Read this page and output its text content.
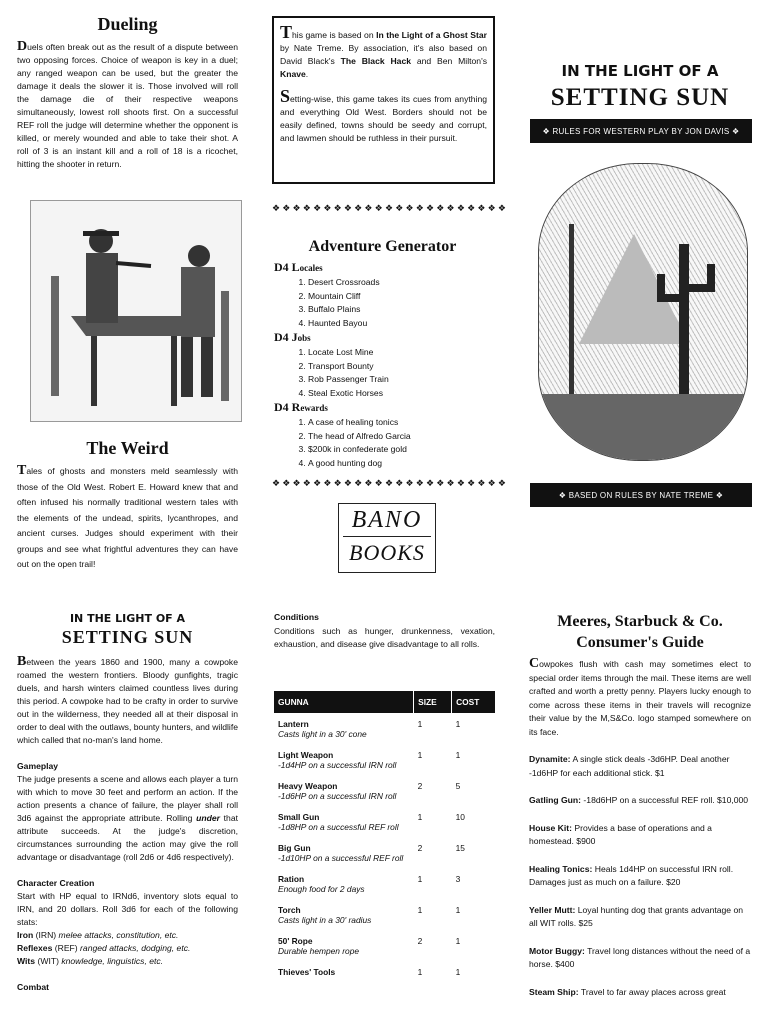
Dueling
Duels often break out as the result of a dispute between two opposing forces. Choice of weapon is key in a duel; any ranged weapon can be used, but the greater the damage it deals the slower it is. Those involved will roll the damage die of their respective weapons simultaneously, lowest roll shoots first. On a successful REF roll the judge will determine whether the opponent is killed, or merely wounded and able to take their shot. A roll of 3 is an instant kill and a roll of 18 is a ricochet, hitting the shooter in return.
The Weird
Tales of ghosts and monsters meld seamlessly with those of the Old West. Robert E. Howard knew that and often infused his normally traditional western tales with the elements of the undead, spirits, lycanthropes, and ancient curses. Judges should experiment with their groups and see what frightful adventures they can have out on the open trail!

This game is based on In the Light of a Ghost Star by Nate Treme. By association, it's also based on David Black's The Black Hack and Ben Milton's Knave.

Setting-wise, this game takes its cues from anything and everything Old West. Borders should not be easily defined, towns should be seedy and corrupt, and lawmen should be ruthless in their pursuit.

❖❖❖❖❖❖❖❖❖❖❖❖❖❖❖❖❖❖❖❖❖❖❖
Adventure Generator
D4 Locales
1. Desert Crossroads
2. Mountain Cliff
3. Buffalo Plains
4. Haunted Bayou
D4 Jobs
1. Locate Lost Mine
2. Transport Bounty
3. Rob Passenger Train
4. Steal Exotic Horses
D4 Rewards
1. A case of healing tonics
2. The head of Alfredo Garcia
3. $200k in confederate gold
4. A good hunting dog
❖❖❖❖❖❖❖❖❖❖❖❖❖❖❖❖❖❖❖❖❖❖❖
BANO
BOOKS
IN THE LIGHT OF A
SETTING SUN
❖ RULES FOR WESTERN PLAY BY JON DAVIS ❖
❖ BASED ON RULES BY NATE TREME ❖
IN THE LIGHT OF A
SETTING SUN

Between the years 1860 and 1900, many a cowpoke roamed the western frontiers. Bloody gunfights, tragic duels, and harsh winters claimed countless lives during this period. A cowpoke had to be crafty in order to survive out in the wilderness, they needed all at their disposal in order to deal with the outlaws, bounty hunters, and wildlife which called that no-man's land home.

Gameplay

The judge presents a scene and allows each player a turn with which to move 30 feet and perform an action. If the action presents a chance of failure, the player shall roll 3d6 against the appropriate attribute. Rolling under that attribute succeeds. At the judge's discretion, circumstances surrounding the action may give the roll advantage or disadvantage (roll 2d6 or 4d6 respectively).

Character Creation

Start with HP equal to IRNd6, inventory slots equal to IRN, and 20 dollars. Roll 3d6 for each of the following stats:

Iron (IRN) melee attacks, constitution, etc.
Reflexes (REF) ranged attacks, dodging, etc.
Wits (WIT) knowledge, linguistics, etc.
Combat
Conditions
Conditions such as hunger, drunkenness, vexation, exhaustion, and disease give disadvantage to all rolls.
GUNNA	SIZE	COST

Lantern
Casts light in a 30' cone	1	1

Light Weapon
-1d4HP on a successful IRN roll	1	1

Heavy Weapon
-1d6HP on a successful IRN roll	2	5

Small Gun
-1d8HP on a successful REF roll	1	10

Big Gun
-1d10HP on a successful REF roll	2	15

Ration
Enough food for 2 days	1	3

Torch
Casts light in a 30' radius	1	1

50' Rope
Durable hempen rope	2	1

Thieves' Tools	1	1
Meeres, Starbuck & Co.
Consumer's Guide

Cowpokes flush with cash may sometimes elect to special order items through the mail. These items are well crafted and worth a pretty penny. Players lucky enough to come across these items in their travels will recognize their value by the M,S&Co. logo stamped somewhere on its face.

Dynamite: A single stick deals -3d6HP. Deal another -1d6HP for each additional stick. $1

Gatling Gun: -18d6HP on a successful REF roll. $10,000

House Kit: Provides a base of operations and a homestead. $900

Healing Tonics: Heals 1d4HP on successful IRN roll. Damages just as much on a failure. $20

Yeller Mutt: Loyal hunting dog that grants advantage on all WIT rolls. $25

Motor Buggy: Travel long distances without the need of a horse. $400

Steam Ship: Travel to far away places across great
